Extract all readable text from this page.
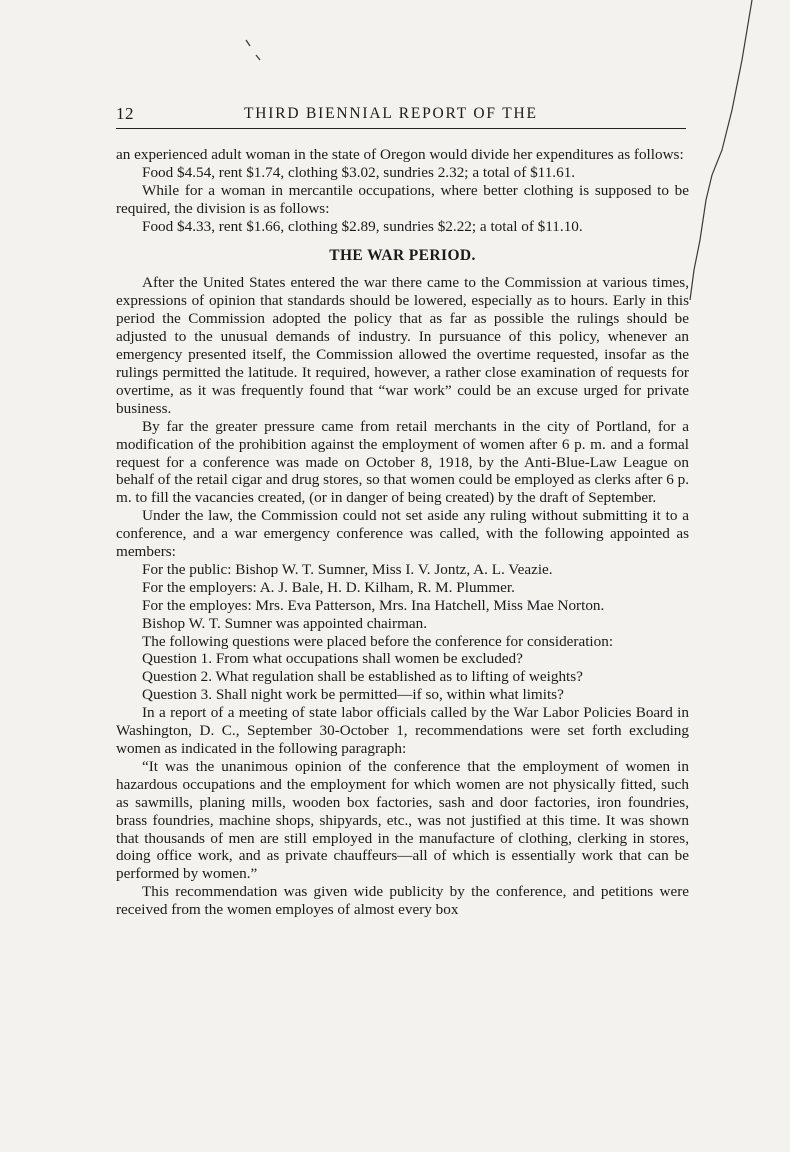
12	THIRD BIENNIAL REPORT OF THE

an experienced adult woman in the state of Oregon would divide her expenditures as follows:

Food $4.54, rent $1.74, clothing $3.02, sundries 2.32; a total of $11.61.

While for a woman in mercantile occupations, where better clothing is supposed to be required, the division is as follows:

Food $4.33, rent $1.66, clothing $2.89, sundries $2.22; a total of $11.10.

THE WAR PERIOD.

After the United States entered the war there came to the Commission at various times, expressions of opinion that standards should be lowered, especially as to hours. Early in this period the Commission adopted the policy that as far as possible the rulings should be adjusted to the unusual demands of industry. In pursuance of this policy, whenever an emergency presented itself, the Commission allowed the overtime requested, insofar as the rulings permitted the latitude. It required, however, a rather close examination of requests for overtime, as it was frequently found that “war work” could be an excuse urged for private business.

By far the greater pressure came from retail merchants in the city of Portland, for a modification of the prohibition against the employment of women after 6 p. m. and a formal request for a conference was made on October 8, 1918, by the Anti-Blue-Law League on behalf of the retail cigar and drug stores, so that women could be employed as clerks after 6 p. m. to fill the vacancies created, (or in danger of being created) by the draft of September.

Under the law, the Commission could not set aside any ruling without submitting it to a conference, and a war emergency conference was called, with the following appointed as members:

For the public: Bishop W. T. Sumner, Miss I. V. Jontz, A. L. Veazie.

For the employers: A. J. Bale, H. D. Kilham, R. M. Plummer.

For the employes: Mrs. Eva Patterson, Mrs. Ina Hatchell, Miss Mae Norton.

Bishop W. T. Sumner was appointed chairman.

The following questions were placed before the conference for consideration:

Question 1. From what occupations shall women be excluded?

Question 2. What regulation shall be established as to lifting of weights?

Question 3. Shall night work be permitted—if so, within what limits?

In a report of a meeting of state labor officials called by the War Labor Policies Board in Washington, D. C., September 30-October 1, recommendations were set forth excluding women as indicated in the following paragraph:

“It was the unanimous opinion of the conference that the employment of women in hazardous occupations and the employment for which women are not physically fitted, such as sawmills, planing mills, wooden box factories, sash and door factories, iron foundries, brass foundries, machine shops, shipyards, etc., was not justified at this time. It was shown that thousands of men are still employed in the manufacture of clothing, clerking in stores, doing office work, and as private chauffeurs—all of which is essentially work that can be performed by women.”

This recommendation was given wide publicity by the conference, and petitions were received from the women employes of almost every box
